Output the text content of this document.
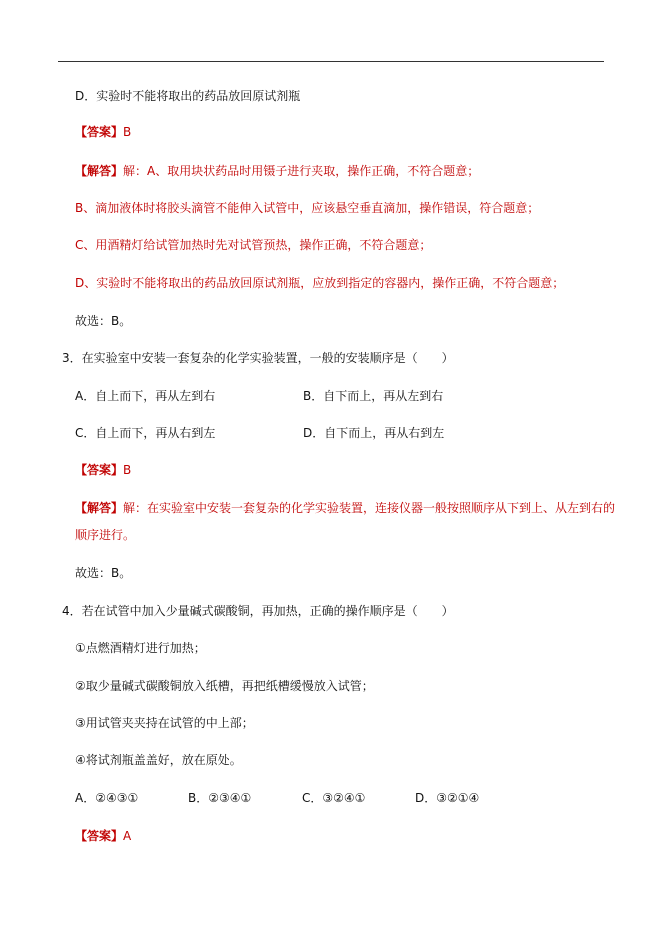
D．实验时不能将取出的药品放回原试剂瓶
【答案】B
【解答】解：A、取用块状药品时用镊子进行夹取，操作正确，不符合题意；
B、滴加液体时将胶头滴管不能伸入试管中，应该悬空垂直滴加，操作错误，符合题意；
C、用酒精灯给试管加热时先对试管预热，操作正确，不符合题意；
D、实验时不能将取出的药品放回原试剂瓶，应放到指定的容器内，操作正确，不符合题意；
故选：B。
3．在实验室中安装一套复杂的化学实验装置，一般的安装顺序是（　　）
A．自上而下，再从左到右	B．自下而上，再从左到右
C．自上而下，再从右到左	D．自下而上，再从右到左
【答案】B
【解答】解：在实验室中安装一套复杂的化学实验装置，连接仪器一般按照顺序从下到上、从左到右的
顺序进行。
故选：B。
4．若在试管中加入少量碱式碳酸铜，再加热，正确的操作顺序是（　　）
①点燃酒精灯进行加热；
②取少量碱式碳酸铜放入纸槽，再把纸槽缓慢放入试管；
③用试管夹夹持在试管的中上部；
④将试剂瓶盖盖好，放在原处。
A．②④③①	B．②③④①	C．③②④①	D．③②①④
【答案】A
